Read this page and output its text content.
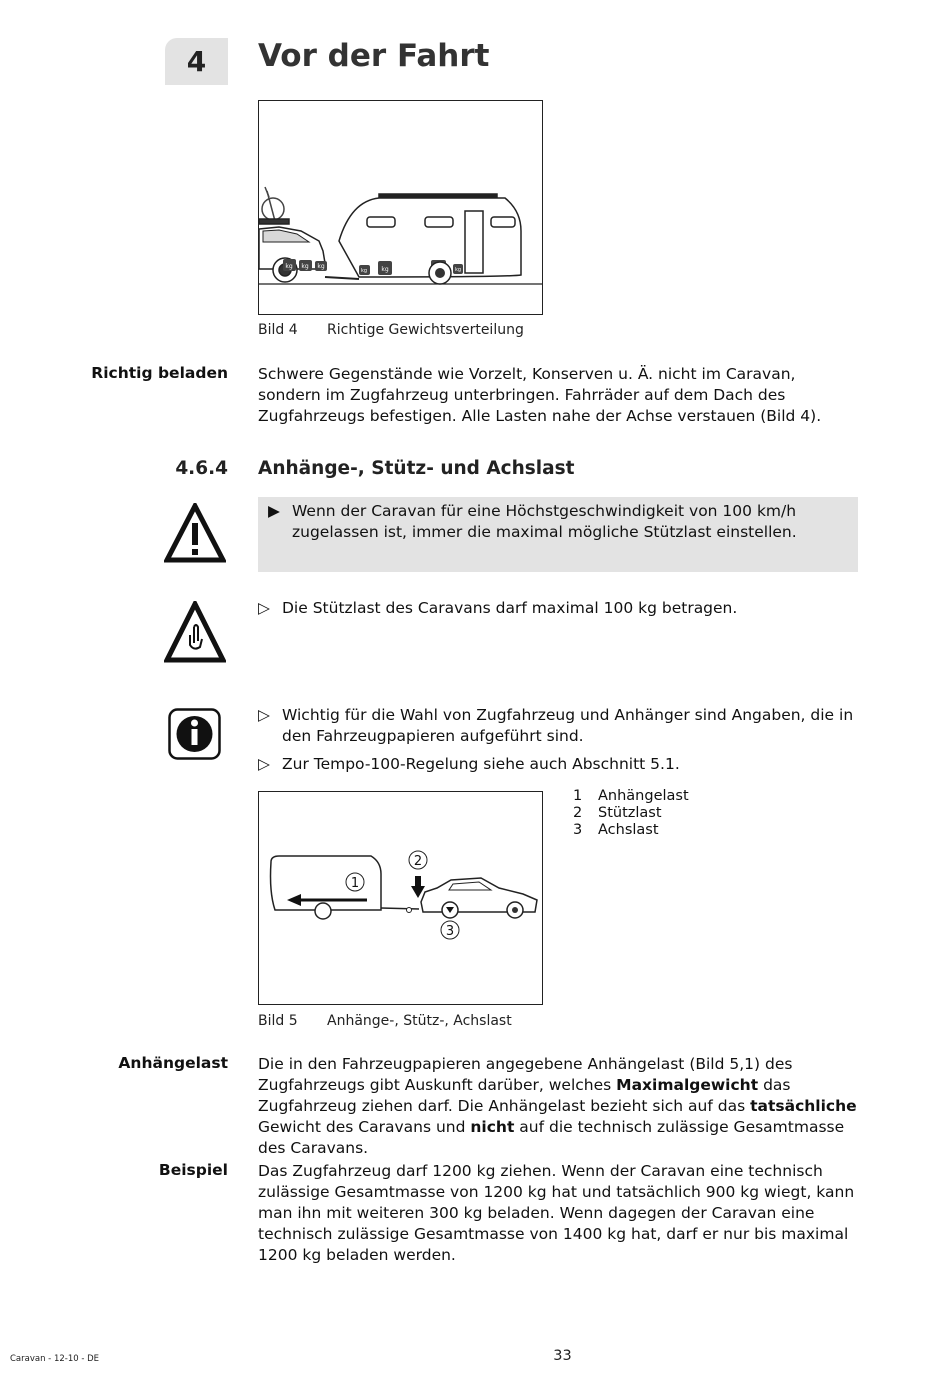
4	Vor der Fahrt
kg kg kg
kg kg	kg
Bild 4 Richtige Gewichtsverteilung
Richtig beladen Schwere Gegenstände wie Vorzelt, Konserven u. Ä. nicht im Caravan, sondern im Zugfahrzeug unterbringen. Fahrräder auf dem Dach des Zugfahrzeugs befestigen. Alle Lasten nahe der Achse verstauen (Bild 4).
4.6.4 Anhänge-, Stütz- und Achslast
▶ Wenn der Caravan für eine Höchstgeschwindigkeit von 100 km/h zugelassen ist, immer die maximal mögliche Stützlast einstellen.
▷ Die Stützlast des Caravans darf maximal 100 kg betragen.
▷ Wichtig für die Wahl von Zugfahrzeug und Anhänger sind Angaben, die in den Fahrzeugpapieren aufgeführt sind.
▷ Zur Tempo-100-Regelung siehe auch Abschnitt 5.1.
1
2
3
1 Anhängelast
2 Stützlast
3 Achslast
Bild 5 Anhänge-, Stütz-, Achslast
Anhängelast Die in den Fahrzeugpapieren angegebene Anhängelast (Bild 5,1) des Zugfahrzeugs gibt Auskunft darüber, welches Maximalgewicht das Zugfahrzeug ziehen darf. Die Anhängelast bezieht sich auf das tatsächliche Gewicht des Caravans und nicht auf die technisch zulässige Gesamtmasse des Caravans.
Beispiel Das Zugfahrzeug darf 1200 kg ziehen. Wenn der Caravan eine technisch zulässige Gesamtmasse von 1200 kg hat und tatsächlich 900 kg wiegt, kann man ihn mit weiteren 300 kg beladen. Wenn dagegen der Caravan eine technisch zulässige Gesamtmasse von 1400 kg hat, darf er nur bis maximal 1200 kg beladen werden.
Caravan - 12-10 - DE	33
